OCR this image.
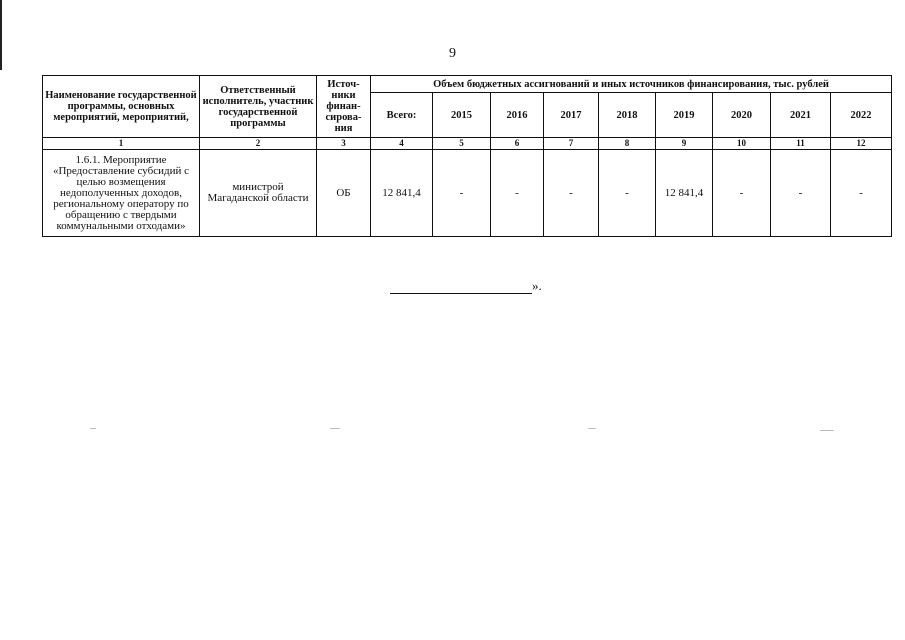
9
Наименование государственной программы, основных мероприятий, мероприятий,	Ответственный исполнитель, участник государственной программы	Источ-ники финан-сирова-ния	Объем бюджетных ассигнований и иных источников финансирования, тыс. рублей								
			Всего:	2015	2016	2017	2018	2019	2020	2021	2022
1	2	3	4	5	6	7	8	9	10	11	12
1.6.1. Мероприятие «Предоставление субсидий с целью возмещения недополученных доходов, региональному оператору по обращению с твердыми коммунальными отходами»	министрой Магаданской области	ОБ	12 841,4	-	-	-	-	12 841,4	-	-	-
».
